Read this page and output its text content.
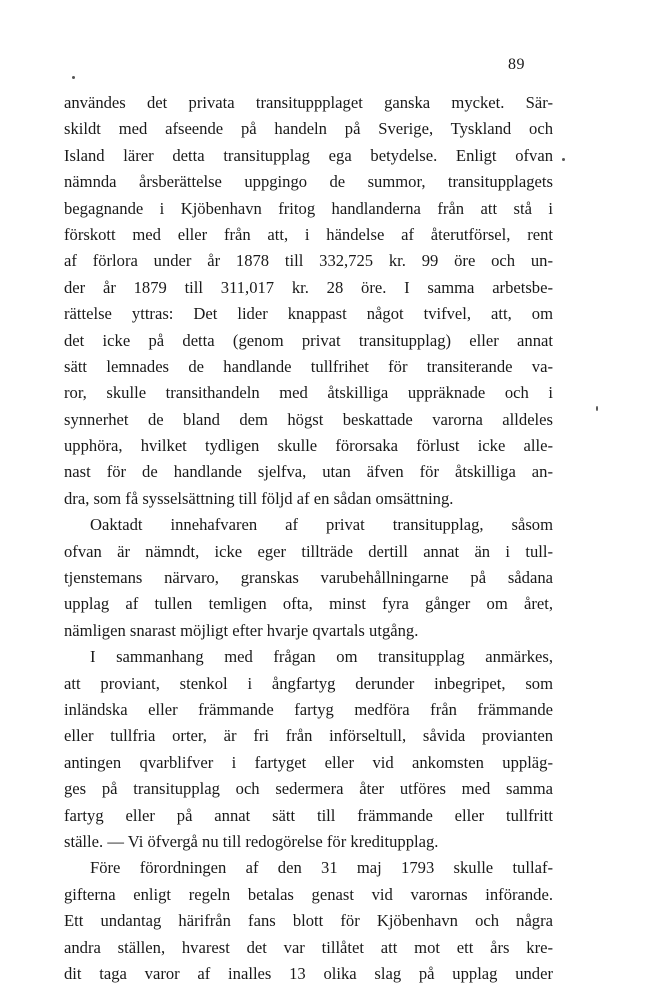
89
användes det privata transituppplaget ganska mycket. Sär-
skildt med afseende på handeln på Sverige, Tyskland och
Island lärer detta transitupplag ega betydelse. Enligt ofvan
nämnda årsberättelse uppgingo de summor, transitupplagets
begagnande i Kjöbenhavn fritog handlanderna från att stå i
förskott med eller från att, i händelse af återutförsel, rent
af förlora under år 1878 till 332,725 kr. 99 öre och un-
der år 1879 till 311,017 kr. 28 öre. I samma arbetsbe-
rättelse yttras: Det lider knappast något tvifvel, att, om
det icke på detta (genom privat transitupplag) eller annat
sätt lemnades de handlande tullfrihet för transiterande va-
ror, skulle transithandeln med åtskilliga uppräknade och i
synnerhet de bland dem högst beskattade varorna alldeles
upphöra, hvilket tydligen skulle förorsaka förlust icke alle-
nast för de handlande sjelfva, utan äfven för åtskilliga an-
dra, som få sysselsättning till följd af en sådan omsättning.
Oaktadt innehafvaren af privat transitupplag, såsom
ofvan är nämndt, icke eger tillträde dertill annat än i tull-
tjenstemans närvaro, granskas varubehållningarne på sådana
upplag af tullen temligen ofta, minst fyra gånger om året,
nämligen snarast möjligt efter hvarje qvartals utgång.
I sammanhang med frågan om transitupplag anmärkes,
att proviant, stenkol i ångfartyg derunder inbegripet, som
inländska eller främmande fartyg medföra från främmande
eller tullfria orter, är fri från införseltull, såvida provianten
antingen qvarblifver i fartyget eller vid ankomsten uppläg-
ges på transitupplag och sedermera åter utföres med samma
fartyg eller på annat sätt till främmande eller tullfritt
ställe. — Vi öfvergå nu till redogörelse för kreditupplag.
Före förordningen af den 31 maj 1793 skulle tullaf-
gifterna enligt regeln betalas genast vid varornas införande.
Ett undantag härifrån fans blott för Kjöbenhavn och några
andra ställen, hvarest det var tillåtet att mot ett års kre-
dit taga varor af inalles 13 olika slag på upplag under
